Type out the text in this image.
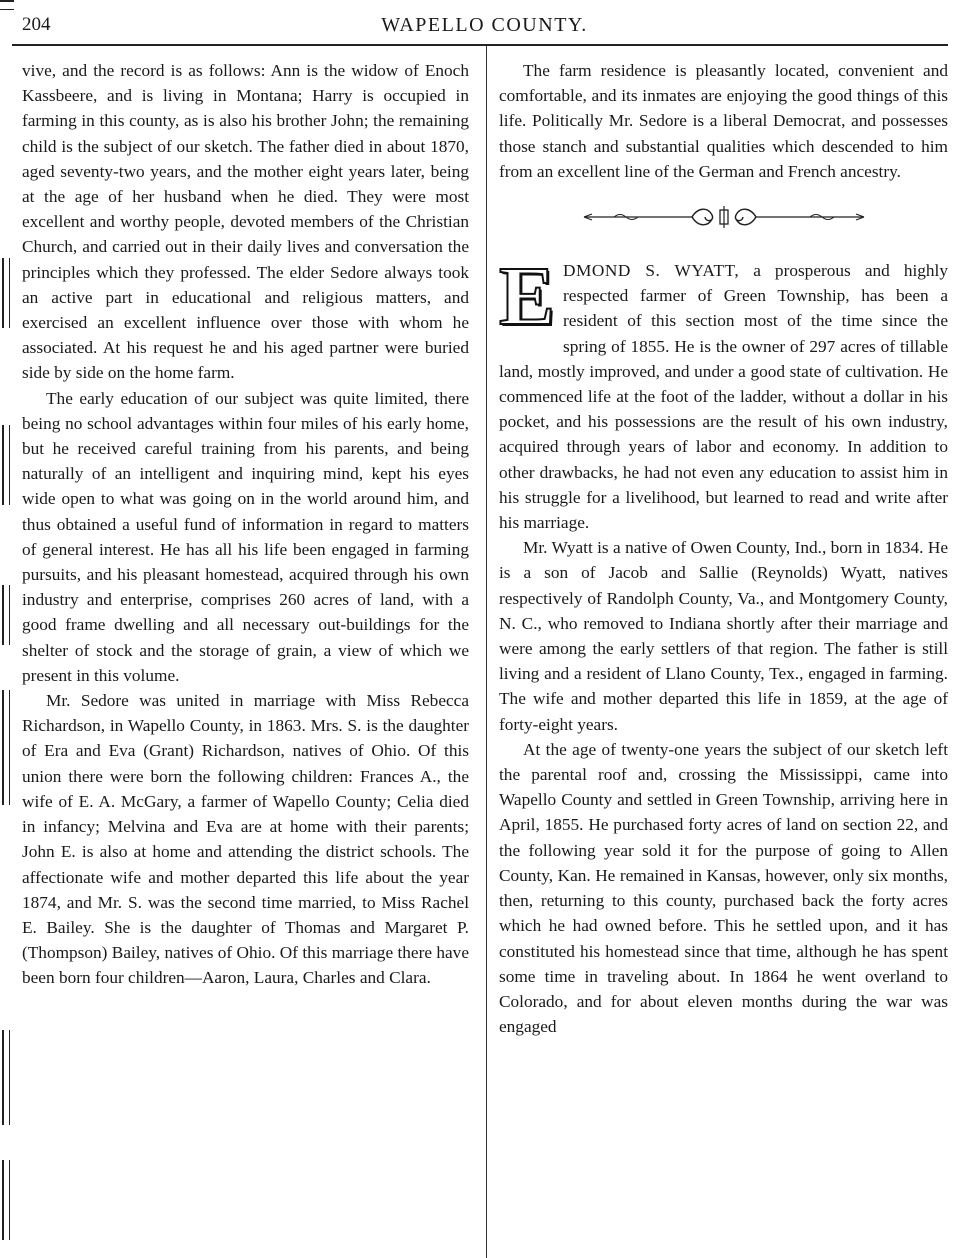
204	WAPELLO COUNTY.

vive, and the record is as follows: Ann is the widow of Enoch Kassbeere, and is living in Montana; Harry is occupied in farming in this county, as is also his brother John; the remaining child is the subject of our sketch. The father died in about 1870, aged seventy-two years, and the mother eight years later, being at the age of her husband when he died. They were most excellent and worthy people, devoted members of the Christian Church, and carried out in their daily lives and conversation the principles which they professed. The elder Sedore always took an active part in educational and religious matters, and exercised an excellent influence over those with whom he associated. At his request he and his aged partner were buried side by side on the home farm.

The early education of our subject was quite limited, there being no school advantages within four miles of his early home, but he received careful training from his parents, and being naturally of an intelligent and inquiring mind, kept his eyes wide open to what was going on in the world around him, and thus obtained a useful fund of information in regard to matters of general interest. He has all his life been engaged in farming pursuits, and his pleasant homestead, acquired through his own industry and enterprise, comprises 260 acres of land, with a good frame dwelling and all necessary out-buildings for the shelter of stock and the storage of grain, a view of which we present in this volume.

Mr. Sedore was united in marriage with Miss Rebecca Richardson, in Wapello County, in 1863. Mrs. S. is the daughter of Era and Eva (Grant) Richardson, natives of Ohio. Of this union there were born the following children: Frances A., the wife of E. A. McGary, a farmer of Wapello County; Celia died in infancy; Melvina and Eva are at home with their parents; John E. is also at home and attending the district schools. The affectionate wife and mother departed this life about the year 1874, and Mr. S. was the second time married, to Miss Rachel E. Bailey. She is the daughter of Thomas and Margaret P. (Thompson) Bailey, natives of Ohio. Of this marriage there have been born four children—Aaron, Laura, Charles and Clara.

The farm residence is pleasantly located, convenient and comfortable, and its inmates are enjoying the good things of this life. Politically Mr. Sedore is a liberal Democrat, and possesses those stanch and substantial qualities which descended to him from an excellent line of the German and French ancestry.

EDMOND S. WYATT, a prosperous and highly respected farmer of Green Township, has been a resident of this section most of the time since the spring of 1855. He is the owner of 297 acres of tillable land, mostly improved, and under a good state of cultivation. He commenced life at the foot of the ladder, without a dollar in his pocket, and his possessions are the result of his own industry, acquired through years of labor and economy. In addition to other drawbacks, he had not even any education to assist him in his struggle for a livelihood, but learned to read and write after his marriage.

Mr. Wyatt is a native of Owen County, Ind., born in 1834. He is a son of Jacob and Sallie (Reynolds) Wyatt, natives respectively of Randolph County, Va., and Montgomery County, N. C., who removed to Indiana shortly after their marriage and were among the early settlers of that region. The father is still living and a resident of Llano County, Tex., engaged in farming. The wife and mother departed this life in 1859, at the age of forty-eight years.

At the age of twenty-one years the subject of our sketch left the parental roof and, crossing the Mississippi, came into Wapello County and settled in Green Township, arriving here in April, 1855. He purchased forty acres of land on section 22, and the following year sold it for the purpose of going to Allen County, Kan. He remained in Kansas, however, only six months, then, returning to this county, purchased back the forty acres which he had owned before. This he settled upon, and it has constituted his homestead since that time, although he has spent some time in traveling about. In 1864 he went overland to Colorado, and for about eleven months during the war was engaged
